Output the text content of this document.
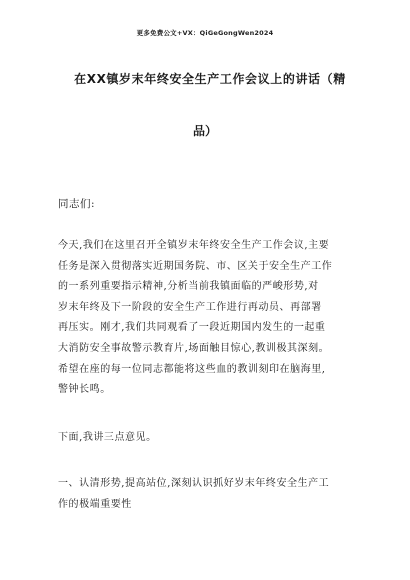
更多免费公文+VX：QiGeGongWen2024
在XX镇岁末年终安全生产工作会议上的讲话（精
品）
同志们:
今天,我们在这里召开全镇岁末年终安全生产工作会议,主要
任务是深入贯彻落实近期国务院、市、区关于安全生产工作
的一系列重要指示精神,分析当前我镇面临的严峻形势,对
岁末年终及下一阶段的安全生产工作进行再动员、再部署
再压实。刚才,我们共同观看了一段近期国内发生的一起重
大消防安全事故警示教育片,场面触目惊心,教训极其深刻。
希望在座的每一位同志都能将这些血的教训刻印在脑海里,
警钟长鸣。
下面,我讲三点意见。
一、认清形势,提高站位,深刻认识抓好岁末年终安全生产工
作的极端重要性
